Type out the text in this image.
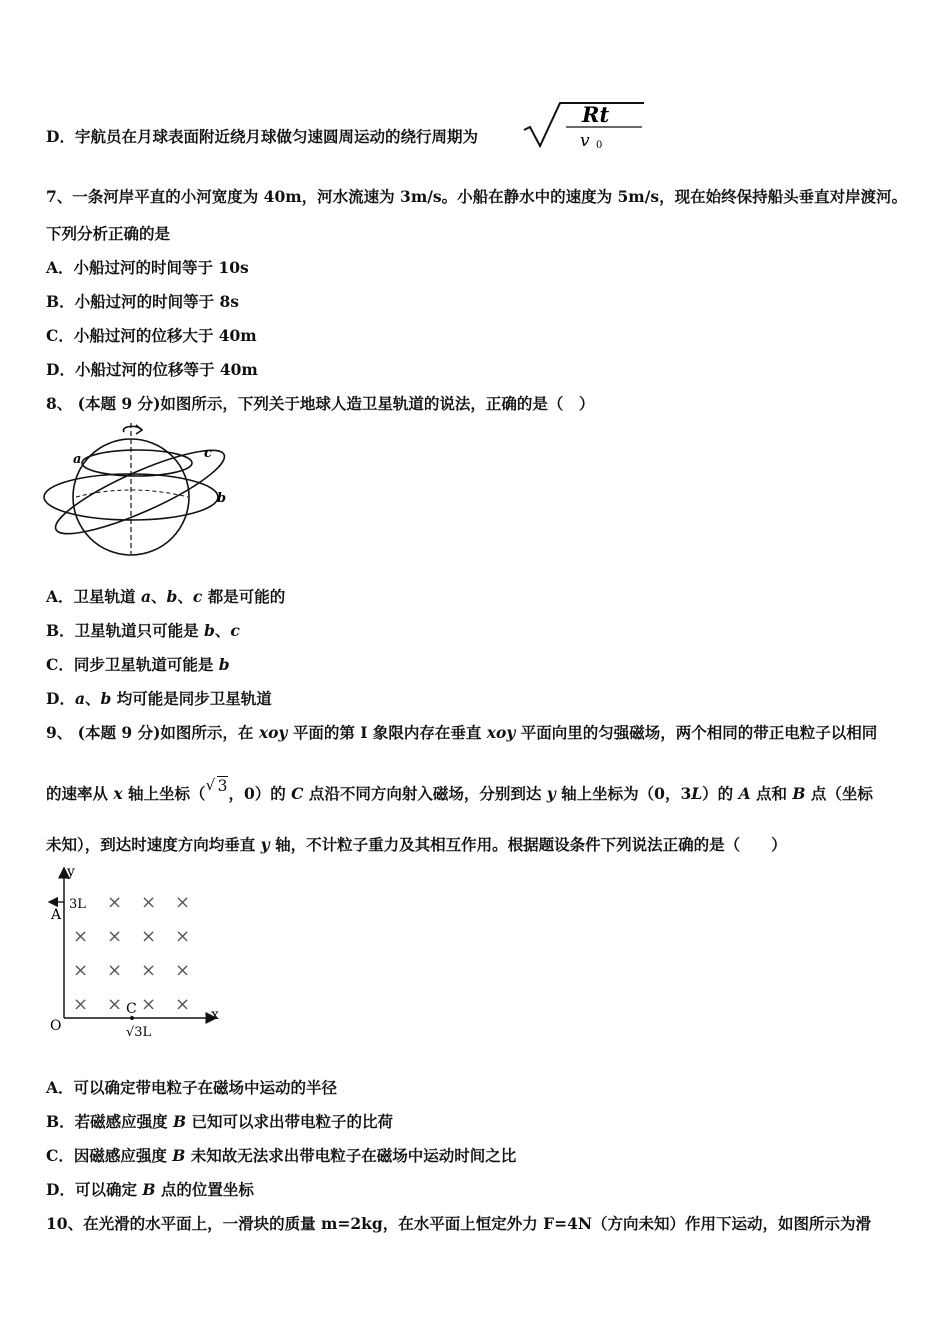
D．宇航员在月球表面附近绕月球做匀速圆周运动的绕行周期为
Rt
v 0
7、一条河岸平直的小河宽度为 40m，河水流速为 3m/s。小船在静水中的速度为 5m/s，现在始终保持船头垂直对岸渡河。
下列分析正确的是
A．小船过河的时间等于 10s
B．小船过河的时间等于 8s
C．小船过河的位移大于 40m
D．小船过河的位移等于 40m
8、 (本题 9 分)如图所示，下列关于地球人造卫星轨道的说法，正确的是（　）
a
b
c
A．卫星轨道 a、b、c 都是可能的
B．卫星轨道只可能是 b、c
C．同步卫星轨道可能是 b
D．a、b 均可能是同步卫星轨道
9、 (本题 9 分)如图所示，在 xoy 平面的第 Ⅰ 象限内存在垂直 xoy 平面向里的匀强磁场，两个相同的带正电粒子以相同
的速率从 x 轴上坐标（ √ 3，0）的 C 点沿不同方向射入磁场，分别到达 y 轴上坐标为（0，3L）的 A 点和 B 点（坐标
未知），到达时速度方向均垂直 y 轴，不计粒子重力及其相互作用。根据题设条件下列说法正确的是（　　）
y
x
O
A
3L
C
√3L
× × ×
× × × ×
× × × ×
× × × ×
A．可以确定带电粒子在磁场中运动的半径
B．若磁感应强度 B 已知可以求出带电粒子的比荷
C．因磁感应强度 B 未知故无法求出带电粒子在磁场中运动时间之比
D．可以确定 B 点的位置坐标
10、在光滑的水平面上，一滑块的质量 m=2kg，在水平面上恒定外力 F=4N（方向未知）作用下运动，如图所示为滑
